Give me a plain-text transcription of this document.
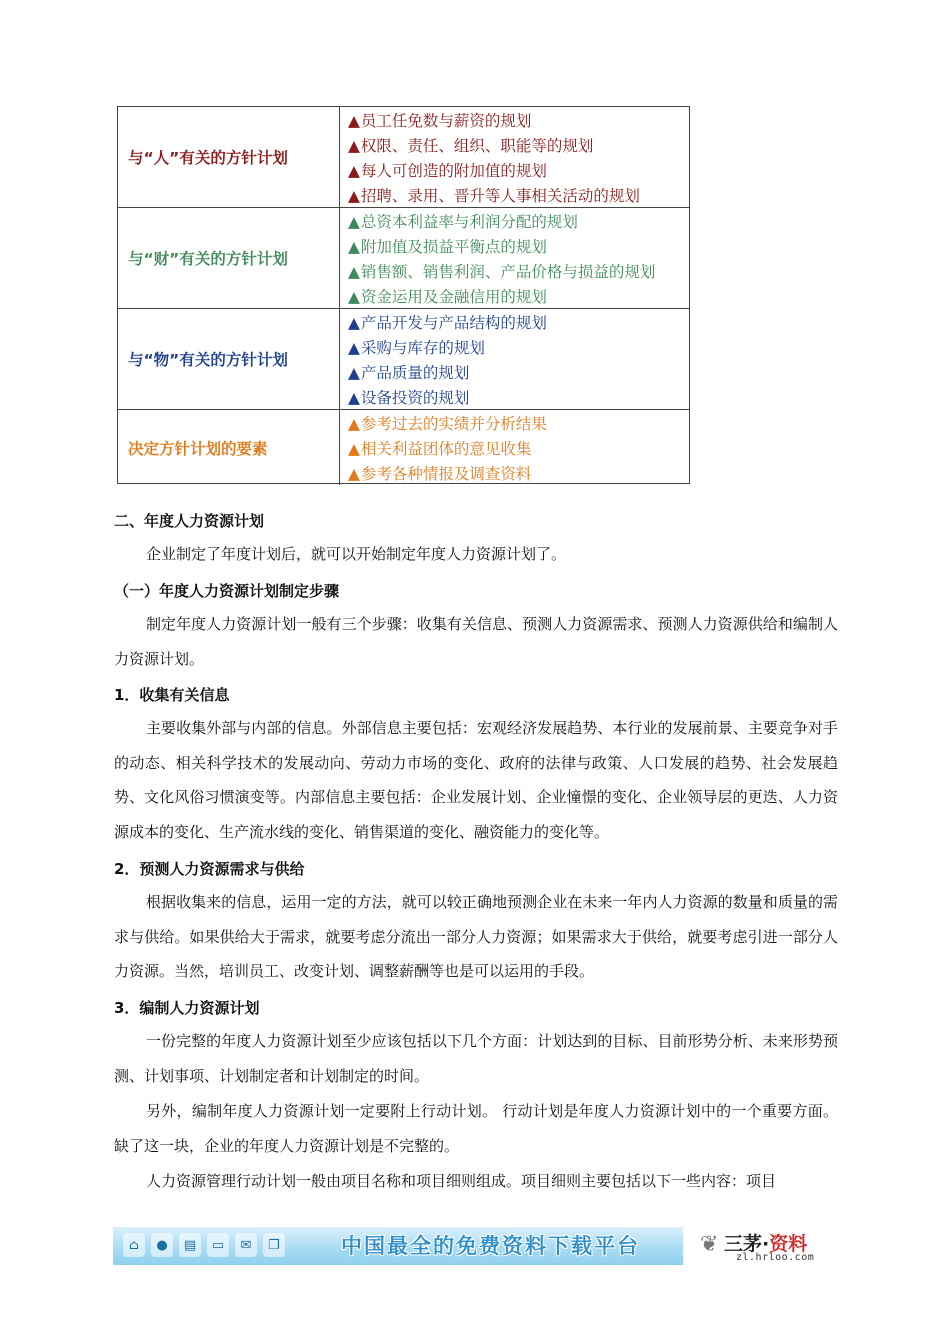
与“人”有关的方针计划
▲员工任免数与薪资的规划
▲权限、责任、组织、职能等的规划
▲每人可创造的附加值的规划
▲招聘、录用、晋升等人事相关活动的规划
与“财”有关的方针计划
▲总资本利益率与利润分配的规划
▲附加值及损益平衡点的规划
▲销售额、销售利润、产品价格与损益的规划
▲资金运用及金融信用的规划
与“物”有关的方针计划
▲产品开发与产品结构的规划
▲采购与库存的规划
▲产品质量的规划
▲设备投资的规划
决定方针计划的要素
▲参考过去的实绩并分析结果
▲相关利益团体的意见收集
▲参考各种情报及调查资料
二、年度人力资源计划
企业制定了年度计划后，就可以开始制定年度人力资源计划了。
（一）年度人力资源计划制定步骤
制定年度人力资源计划一般有三个步骤：收集有关信息、预测人力资源需求、预测人力资源供给和编制人力资源计划。
1．收集有关信息
主要收集外部与内部的信息。外部信息主要包括：宏观经济发展趋势、本行业的发展前景、主要竞争对手的动态、相关科学技术的发展动向、劳动力市场的变化、政府的法律与政策、人口发展的趋势、社会发展趋势、文化风俗习惯演变等。内部信息主要包括：企业发展计划、企业憧憬的变化、企业领导层的更迭、人力资源成本的变化、生产流水线的变化、销售渠道的变化、融资能力的变化等。
2．预测人力资源需求与供给
根据收集来的信息，运用一定的方法，就可以较正确地预测企业在未来一年内人力资源的数量和质量的需求与供给。如果供给大于需求，就要考虑分流出一部分人力资源；如果需求大于供给，就要考虑引进一部分人力资源。当然，培训员工、改变计划、调整薪酬等也是可以运用的手段。
3．编制人力资源计划
一份完整的年度人力资源计划至少应该包括以下几个方面：计划达到的目标、目前形势分析、未来形势预测、计划事项、计划制定者和计划制定的时间。
另外，编制年度人力资源计划一定要附上行动计划。 行动计划是年度人力资源计划中的一个重要方面。缺了这一块，企业的年度人力资源计划是不完整的。
人力资源管理行动计划一般由项目名称和项目细则组成。项目细则主要包括以下一些内容：项目
⌂	●	▤	▭	✉	❐	中国最全的免费资料下载平台	❦ 三茅·资料
zl.hrloo.com
